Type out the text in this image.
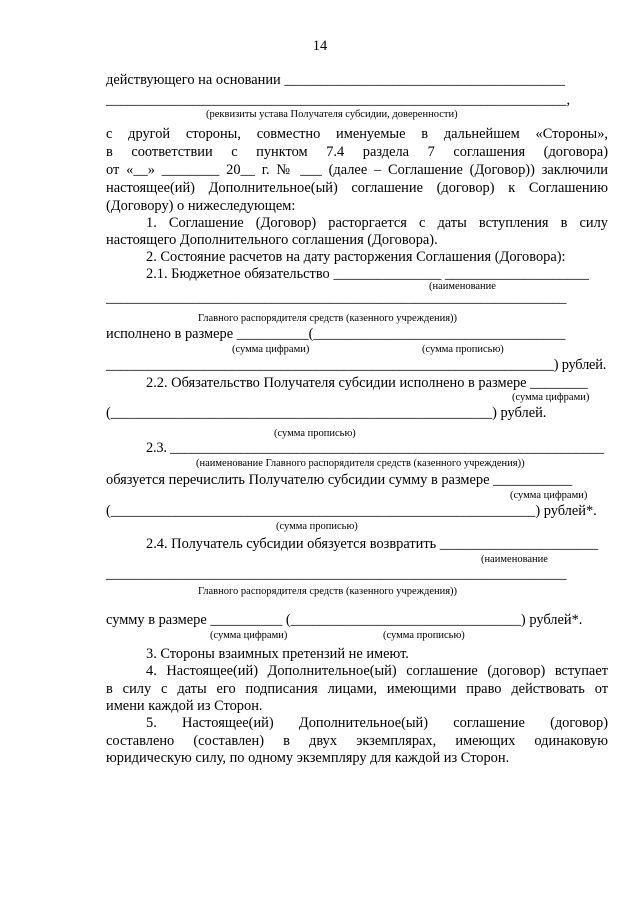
14
действующего на основании _______________________________________
________________________________________________________________,
(реквизиты устава Получателя субсидии, доверенности)
с другой стороны, совместно именуемые в дальнейшем «Стороны»,
в соответствии с пунктом 7.4 раздела 7 соглашения (договора)
от «__» ________ 20__ г. № ___ (далее – Соглашение (Договор)) заключили
настоящее(ий) Дополнительное(ый) соглашение (договор) к Соглашению
(Договору) о нижеследующем:
1. Соглашение (Договор) расторгается с даты вступления в силу
настоящего Дополнительного соглашения (Договора).
2. Состояние расчетов на дату расторжения Соглашения (Договора):
2.1. Бюджетное обязательство _______________ ____________________
(наименование
________________________________________________________________
Главного распорядителя средств (казенного учреждения))
исполнено в размере __________(___________________________________
(сумма цифрами)	(сумма прописью)
________________________________________________________________) рублей.
2.2. Обязательство Получателя субсидии исполнено в размере ________
(сумма цифрами)
(_____________________________________________________) рублей.
(сумма прописью)
2.3. ______________________________________________________________
(наименование Главного распорядителя средств (казенного учреждения))
обязуется перечислить Получателю субсидии сумму в размере ___________
(сумма цифрами)
(___________________________________________________________) рублей*.
(сумма прописью)
2.4. Получатель субсидии обязуется возвратить ______________________
(наименование
________________________________________________________________
Главного распорядителя средств (казенного учреждения))
сумму в размере __________ (________________________________) рублей*.
(сумма цифрами)	(сумма прописью)
3. Стороны взаимных претензий не имеют.
4. Настоящее(ий) Дополнительное(ый) соглашение (договор) вступает
в силу с даты его подписания лицами, имеющими право действовать от
имени каждой из Сторон.
5. Настоящее(ий) Дополнительное(ый) соглашение (договор)
составлено (составлен) в двух экземплярах, имеющих одинаковую
юридическую силу, по одному экземпляру для каждой из Сторон.
